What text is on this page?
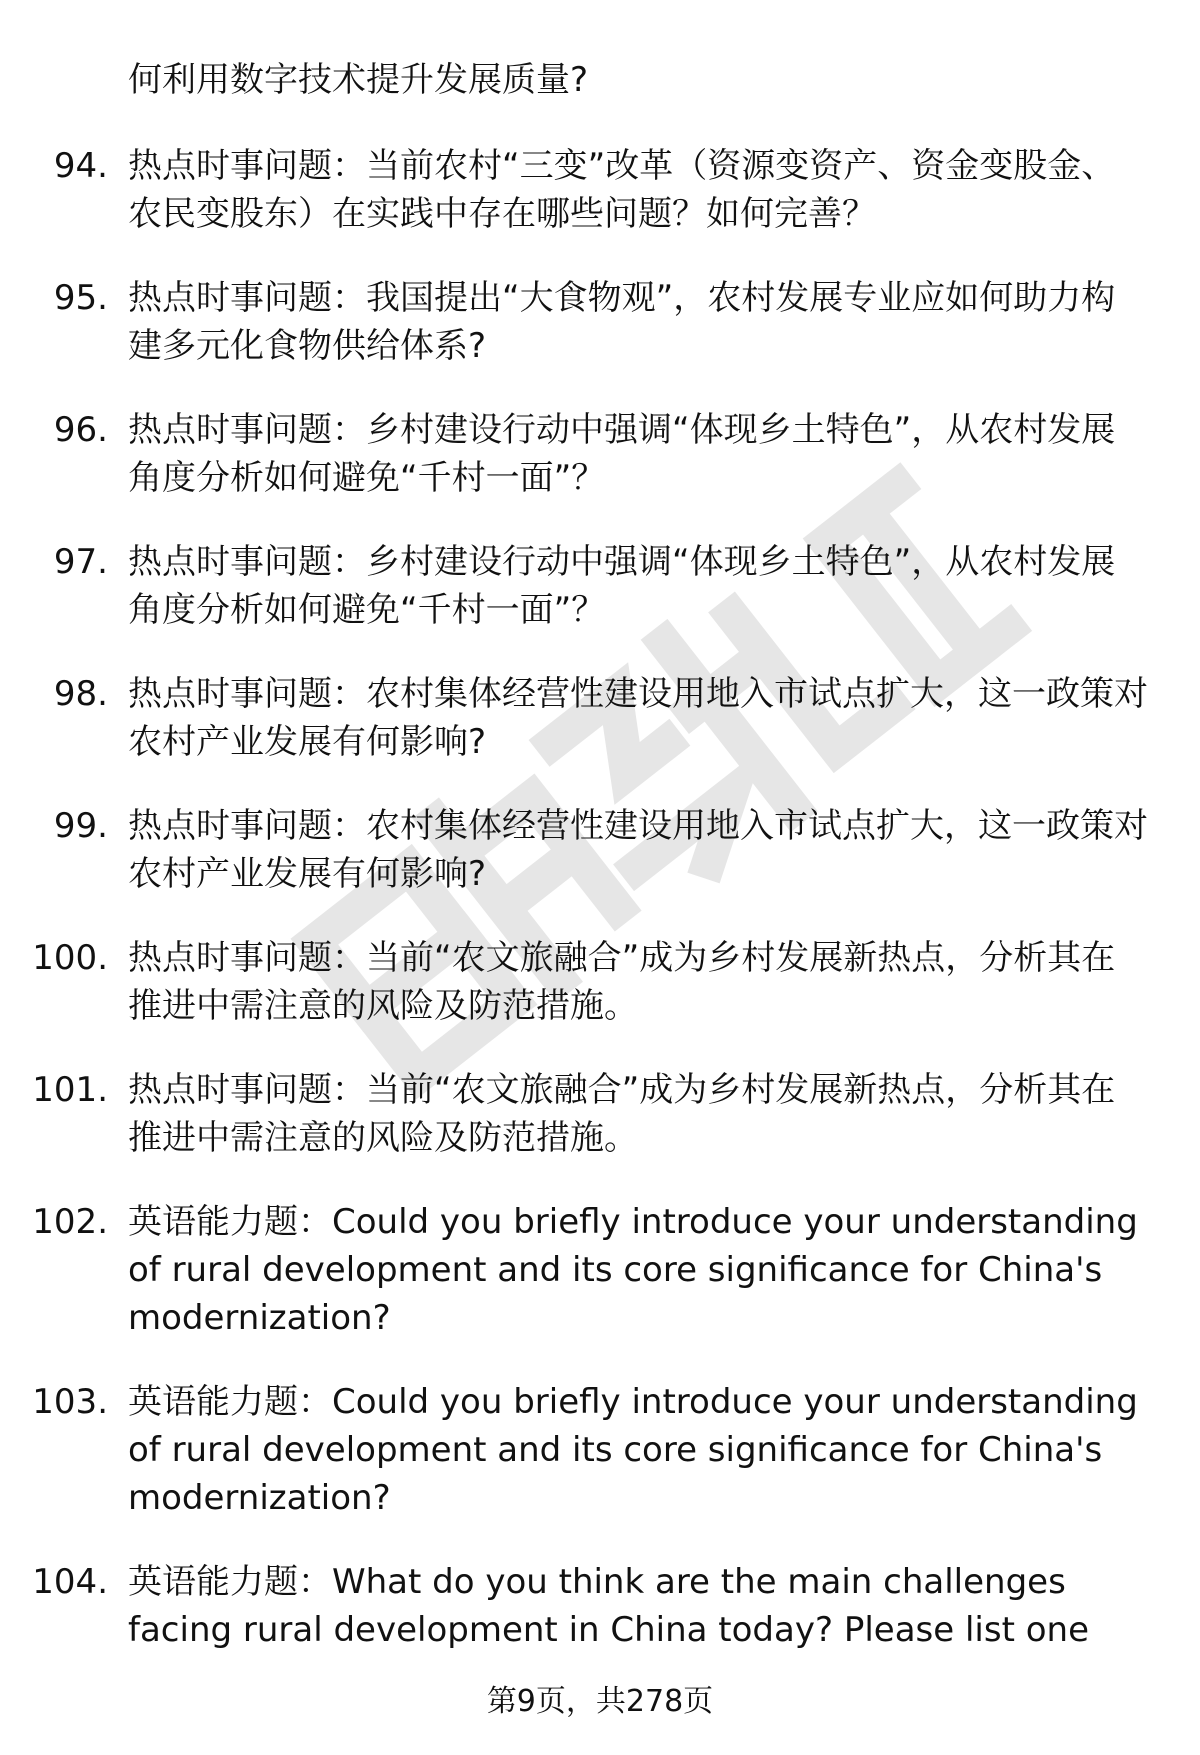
何利用数字技术提升发展质量?
94. 热点时事问题：当前农村“三变”改革（资源变资产、资金变股金、农民变股东）在实践中存在哪些问题？如何完善？
95. 热点时事问题：我国提出“大食物观”，农村发展专业应如何助力构建多元化食物供给体系?
96. 热点时事问题：乡村建设行动中强调“体现乡土特色”，从农村发展角度分析如何避免“千村一面”？
97. 热点时事问题：乡村建设行动中强调“体现乡土特色”，从农村发展角度分析如何避免“千村一面”？
98. 热点时事问题：农村集体经营性建设用地入市试点扩大，这一政策对农村产业发展有何影响?
99. 热点时事问题：农村集体经营性建设用地入市试点扩大，这一政策对农村产业发展有何影响?
100. 热点时事问题：当前“农文旅融合”成为乡村发展新热点，分析其在推进中需注意的风险及防范措施。
101. 热点时事问题：当前“农文旅融合”成为乡村发展新热点，分析其在推进中需注意的风险及防范措施。
102. 英语能力题：Could you briefly introduce your understanding of rural development and its core significance for China's modernization?
103. 英语能力题：Could you briefly introduce your understanding of rural development and its core significance for China's modernization?
104. 英语能力题：What do you think are the main challenges facing rural development in China today? Please list one
第9页，共278页
